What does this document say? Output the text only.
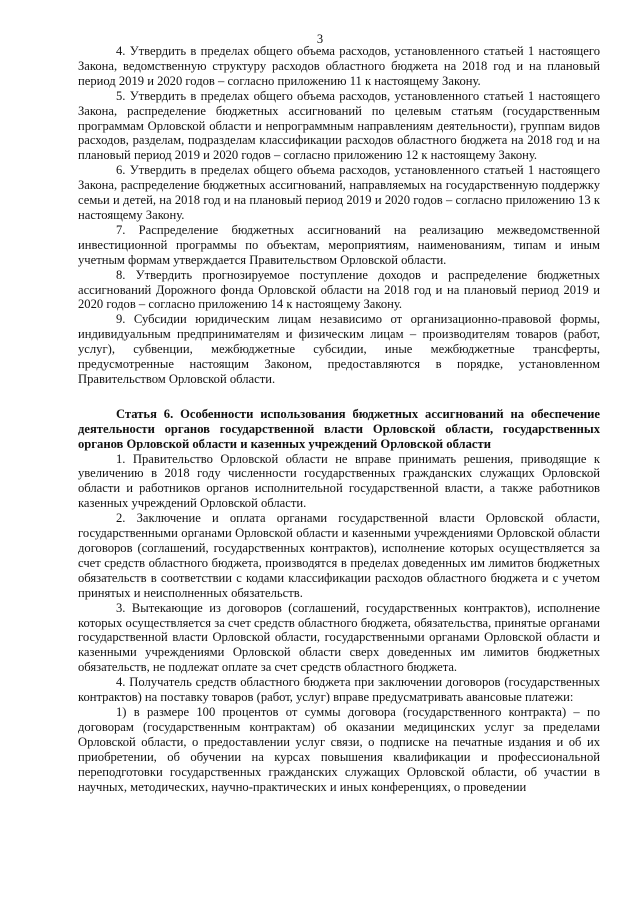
3

4. Утвердить в пределах общего объема расходов, установленного статьей 1 настоящего Закона, ведомственную структуру расходов областного бюджета на 2018 год и на плановый период 2019 и 2020 годов – согласно приложению 11 к настоящему Закону.

5. Утвердить в пределах общего объема расходов, установленного статьей 1 настоящего Закона, распределение бюджетных ассигнований по целевым статьям (государственным программам Орловской области и непрограммным направлениям деятельности), группам видов расходов, разделам, подразделам классификации расходов областного бюджета на 2018 год и на плановый период 2019 и 2020 годов – согласно приложению 12 к настоящему Закону.

6. Утвердить в пределах общего объема расходов, установленного статьей 1 настоящего Закона, распределение бюджетных ассигнований, направляемых на государственную поддержку семьи и детей, на 2018 год и на плановый период 2019 и 2020 годов – согласно приложению 13 к настоящему Закону.

7. Распределение бюджетных ассигнований на реализацию межведомственной инвестиционной программы по объектам, мероприятиям, наименованиям, типам и иным учетным формам утверждается Правительством Орловской области.

8. Утвердить прогнозируемое поступление доходов и распределение бюджетных ассигнований Дорожного фонда Орловской области на 2018 год и на плановый период 2019 и 2020 годов – согласно приложению 14 к настоящему Закону.

9. Субсидии юридическим лицам независимо от организационно-правовой формы, индивидуальным предпринимателям и физическим лицам – производителям товаров (работ, услуг), субвенции, межбюджетные субсидии, иные межбюджетные трансферты, предусмотренные настоящим Законом, предоставляются в порядке, установленном Правительством Орловской области.

Статья 6. Особенности использования бюджетных ассигнований на обеспечение деятельности органов государственной власти Орловской области, государственных органов Орловской области и казенных учреждений Орловской области

1. Правительство Орловской области не вправе принимать решения, приводящие к увеличению в 2018 году численности государственных гражданских служащих Орловской области и работников органов исполнительной государственной власти, а также работников казенных учреждений Орловской области.

2. Заключение и оплата органами государственной власти Орловской области, государственными органами Орловской области и казенными учреждениями Орловской области договоров (соглашений, государственных контрактов), исполнение которых осуществляется за счет средств областного бюджета, производятся в пределах доведенных им лимитов бюджетных обязательств в соответствии с кодами классификации расходов областного бюджета и с учетом принятых и неисполненных обязательств.

3. Вытекающие из договоров (соглашений, государственных контрактов), исполнение которых осуществляется за счет средств областного бюджета, обязательства, принятые органами государственной власти Орловской области, государственными органами Орловской области и казенными учреждениями Орловской области сверх доведенных им лимитов бюджетных обязательств, не подлежат оплате за счет средств областного бюджета.

4. Получатель средств областного бюджета при заключении договоров (государственных контрактов) на поставку товаров (работ, услуг) вправе предусматривать авансовые платежи:

1) в размере 100 процентов от суммы договора (государственного контракта) – по договорам (государственным контрактам) об оказании медицинских услуг за пределами Орловской области, о предоставлении услуг связи, о подписке на печатные издания и об их приобретении, об обучении на курсах повышения квалификации и профессиональной переподготовки государственных гражданских служащих Орловской области, об участии в научных, методических, научно-практических и иных конференциях, о проведении
